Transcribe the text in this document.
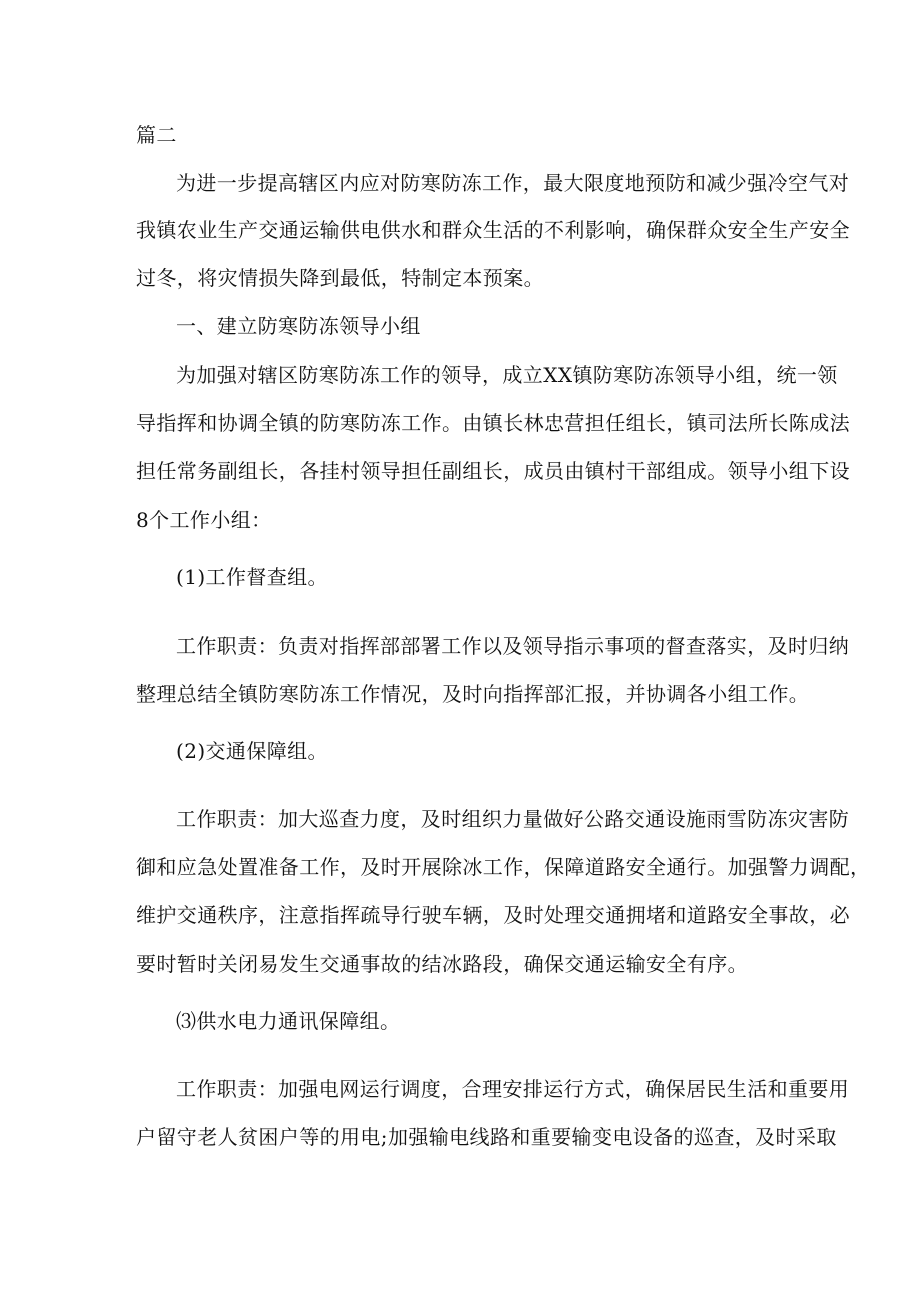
篇二
为进一步提高辖区内应对防寒防冻工作，最大限度地预防和减少强冷空气对
我镇农业生产交通运输供电供水和群众生活的不利影响，确保群众安全生产安全
过冬，将灾情损失降到最低，特制定本预案。
一、建立防寒防冻领导小组
为加强对辖区防寒防冻工作的领导，成立XX镇防寒防冻领导小组，统一领
导指挥和协调全镇的防寒防冻工作。由镇长林忠营担任组长，镇司法所长陈成法
担任常务副组长，各挂村领导担任副组长，成员由镇村干部组成。领导小组下设
8个工作小组：
(1)工作督查组。
工作职责：负责对指挥部部署工作以及领导指示事项的督查落实，及时归纳
整理总结全镇防寒防冻工作情况，及时向指挥部汇报，并协调各小组工作。
(2)交通保障组。
工作职责：加大巡查力度，及时组织力量做好公路交通设施雨雪防冻灾害防
御和应急处置准备工作，及时开展除冰工作，保障道路安全通行。加强警力调配，
维护交通秩序，注意指挥疏导行驶车辆，及时处理交通拥堵和道路安全事故，必
要时暂时关闭易发生交通事故的结冰路段，确保交通运输安全有序。
⑶供水电力通讯保障组。
工作职责：加强电网运行调度，合理安排运行方式，确保居民生活和重要用
户留守老人贫困户等的用电;加强输电线路和重要输变电设备的巡查，及时采取
